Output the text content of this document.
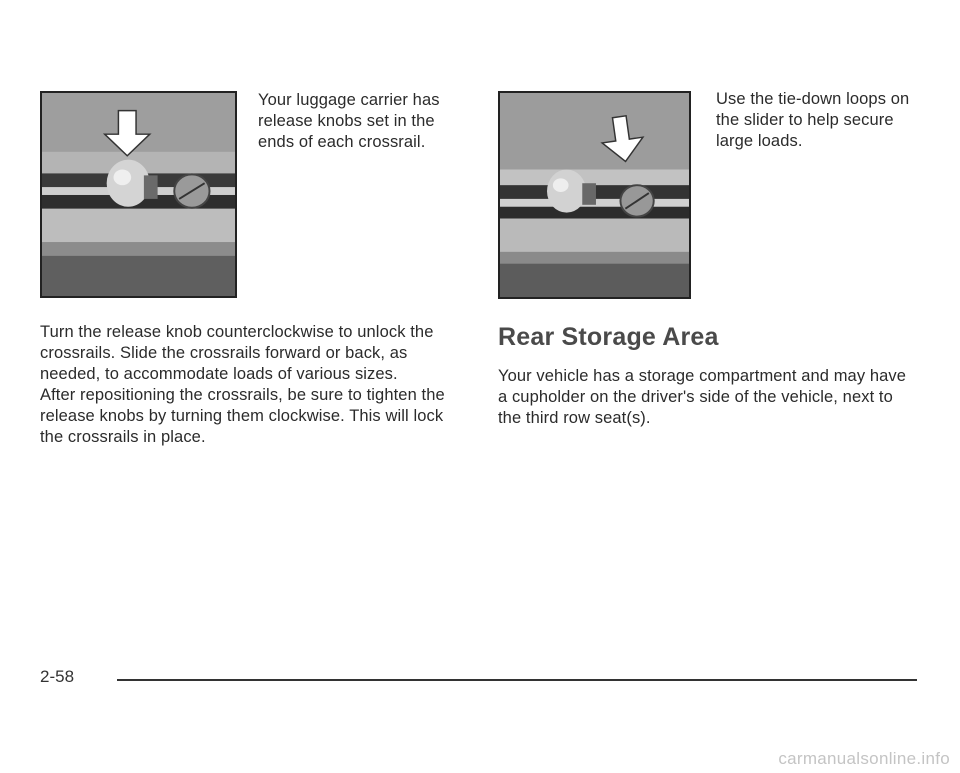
Your luggage carrier has release knobs set in the ends of each crossrail.

Use the tie-down loops on the slider to help secure large loads.

Turn the release knob counterclockwise to unlock the crossrails. Slide the crossrails forward or back, as needed, to accommodate loads of various sizes.

After repositioning the crossrails, be sure to tighten the release knobs by turning them clockwise. This will lock the crossrails in place.

Rear Storage Area

Your vehicle has a storage compartment and may have a cupholder on the driver's side of the vehicle, next to the third row seat(s).

2-58
carmanualsonline.info
